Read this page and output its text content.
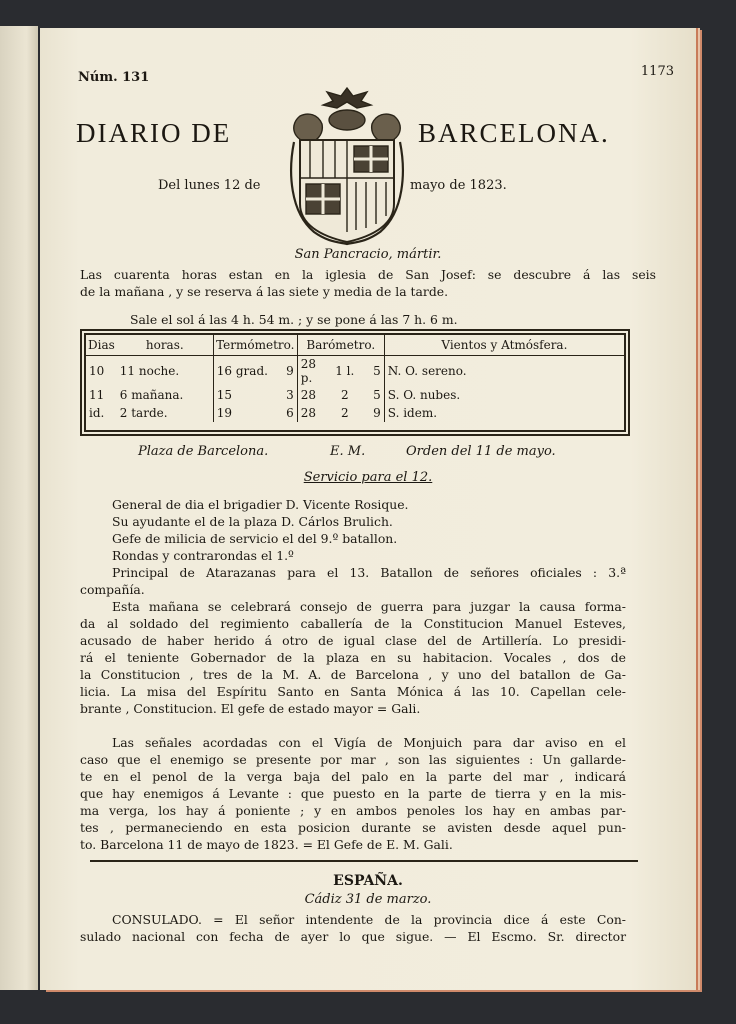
Núm. 131	1173
DIARIO DE	BARCELONA.
Del lunes 12 de	mayo de 1823.
San Pancracio, mártir.
Las cuarenta horas estan en la iglesia de San Josef: se descubre á las seis
de la mañana , y se reserva á las siete y media de la tarde.
Sale el sol á las 4 h. 54 m. ; y se pone á las 7 h. 6 m.
Dias	horas.	Termómetro.		Barómetro.			Vientos y Atmósfera.
10	11 noche.	16 grad.	9	28 p.	1 l.	5	N. O. sereno.
11	6 mañana.	15	3	28	2	5	S. O. nubes.
id.	2 tarde.	19	6	28	2	9	S. idem.
Plaza de Barcelona.	E. M.	Orden del 11 de mayo.
Servicio para el 12.
General de dia el brigadier D. Vicente Rosique.
Su ayudante el de la plaza D. Cárlos Brulich.
Gefe de milicia de servicio el del 9.º batallon.
Rondas y contrarondas el 1.º
Principal de Atarazanas para el 13. Batallon de señores oficiales : 3.ª
compañía.
Esta mañana se celebrará consejo de guerra para juzgar la causa forma-
da al soldado del regimiento caballería de la Constitucion Manuel Esteves,
acusado de haber herido á otro de igual clase del de Artillería. Lo presidi-
rá el teniente Gobernador de la plaza en su habitacion. Vocales , dos de
la Constitucion , tres de la M. A. de Barcelona , y uno del batallon de Ga-
licia. La misa del Espíritu Santo en Santa Mónica á las 10. Capellan cele-
brante , Constitucion. El gefe de estado mayor = Gali.
Las señales acordadas con el Vigía de Monjuich para dar aviso en el
caso que el enemigo se presente por mar , son las siguientes : Un gallarde-
te en el penol de la verga baja del palo en la parte del mar , indicará
que hay enemigos á Levante : que puesto en la parte de tierra y en la mis-
ma verga, los hay á poniente ; y en ambos penoles los hay en ambas par-
tes , permaneciendo en esta posicion durante se avisten desde aquel pun-
to. Barcelona 11 de mayo de 1823. = El Gefe de E. M. Gali.
ESPAÑA.
Cádiz 31 de marzo.
CONSULADO. = El señor intendente de la provincia dice á este Con-
sulado nacional con fecha de ayer lo que sigue. — El Escmo. Sr. director
